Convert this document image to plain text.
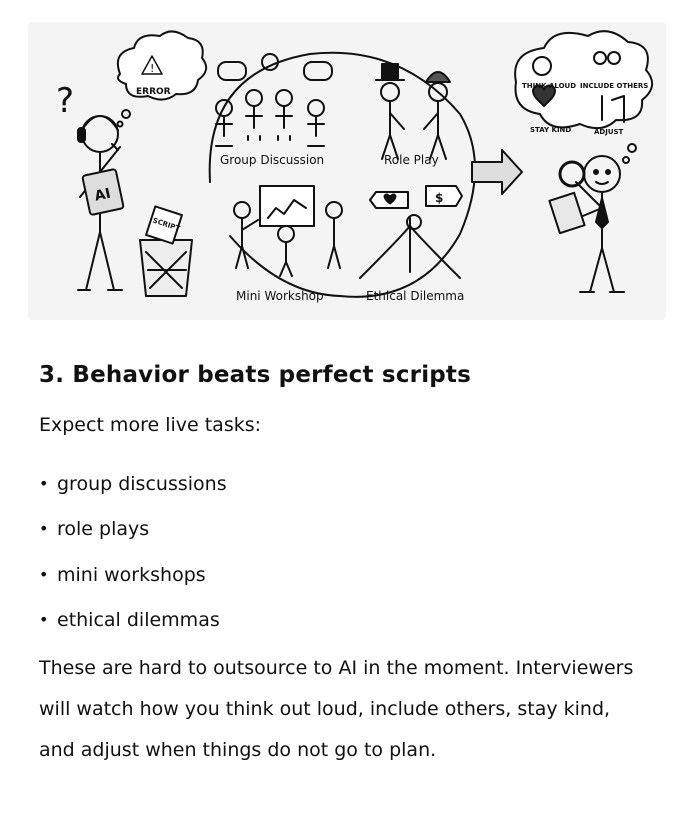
?
AI
!
ERROR
SCRIPT
Group Discussion	Role Play
Mini Workshop
$
Ethical Dilemma
THINK ALOUD INCLUDE OTHERS
STAY KIND	ADJUST
3. Behavior beats perfect scripts

Expect more live tasks:

• group discussions
• role plays
• mini workshops
• ethical dilemmas

These are hard to outsource to AI in the moment. Interviewers will watch how you think out loud, include others, stay kind, and adjust when things do not go to plan.
